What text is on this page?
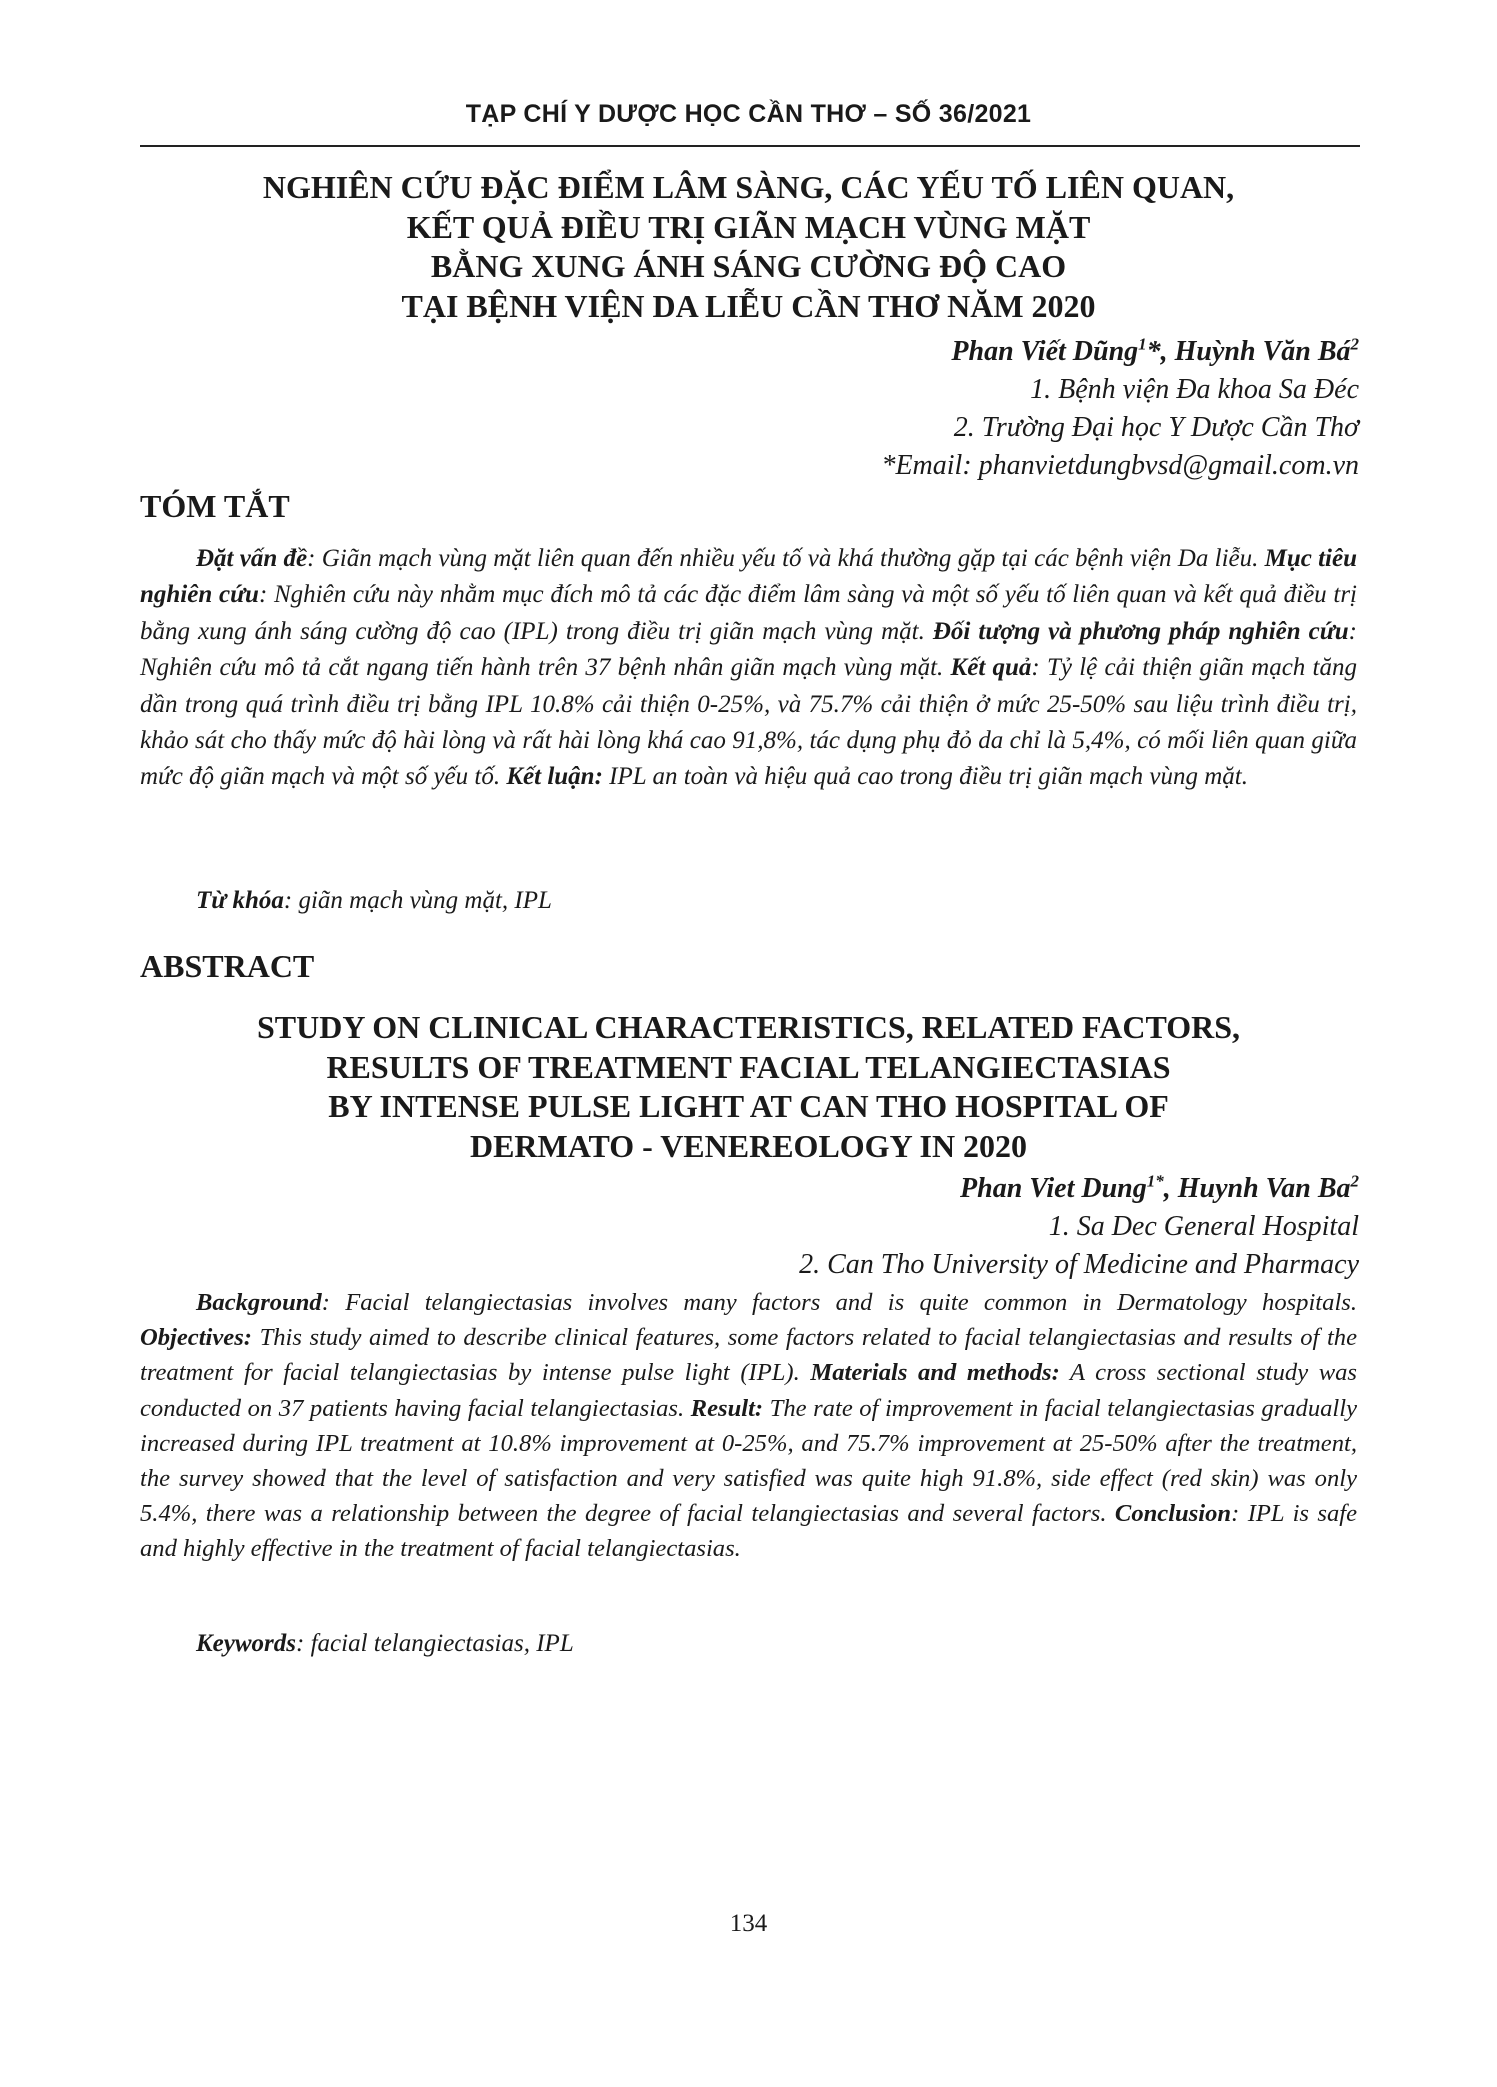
TẠP CHÍ Y DƯỢC HỌC CẦN THƠ – SỐ 36/2021
NGHIÊN CỨU ĐẶC ĐIỂM LÂM SÀNG, CÁC YẾU TỐ LIÊN QUAN,
KẾT QUẢ ĐIỀU TRỊ GIÃN MẠCH VÙNG MẶT
BẰNG XUNG ÁNH SÁNG CƯỜNG ĐỘ CAO
TẠI BỆNH VIỆN DA LIỄU CẦN THƠ NĂM 2020
Phan Viết Dũng$^1$*, Huỳnh Văn $Bá^2$
1. Bệnh viện Đa khoa Sa Đéc
2. Trường Đại học Y Dược Cần Thơ
*Email: phanvietdungbvsd@gmail.com.vn
TÓM TẮT

Đặt vấn đề: Giãn mạch vùng mặt liên quan đến nhiều yếu tố và khá thường gặp tại các bệnh viện Da liễu. Mục tiêu nghiên cứu: Nghiên cứu này nhằm mục đích mô tả các đặc điểm lâm sàng và một số yếu tố liên quan và kết quả điều trị bằng xung ánh sáng cường độ cao (IPL) trong điều trị giãn mạch vùng mặt. Đối tượng và phương pháp nghiên cứu: Nghiên cứu mô tả cắt ngang tiến hành trên 37 bệnh nhân giãn mạch vùng mặt. Kết quả: Tỷ lệ cải thiện giãn mạch tăng dần trong quá trình điều trị bằng IPL 10.8% cải thiện 0-25%, và 75.7% cải thiện ở mức 25-50% sau liệu trình điều trị, khảo sát cho thấy mức độ hài lòng và rất hài lòng khá cao 91,8%, tác dụng phụ đỏ da chỉ là 5,4%, có mối liên quan giữa mức độ giãn mạch và một số yếu tố. Kết luận: IPL an toàn và hiệu quả cao trong điều trị giãn mạch vùng mặt.

Từ khóa: giãn mạch vùng mặt, IPL
ABSTRACT
STUDY ON CLINICAL CHARACTERISTICS, RELATED FACTORS,
RESULTS OF TREATMENT FACIAL TELANGIECTASIAS
BY INTENSE PULSE LIGHT AT CAN THO HOSPITAL OF
DERMATO - VENEREOLOGY IN 2020
Phan Viet Dung$^{1*}$, Huynh Van Ba$^2$
1. Sa Dec General Hospital
2. Can Tho University of Medicine and Pharmacy

Background: Facial telangiectasias involves many factors and is quite common in Dermatology hospitals. Objectives: This study aimed to describe clinical features, some factors related to facial telangiectasias and results of the treatment for facial telangiectasias by intense pulse light (IPL). Materials and methods: A cross sectional study was conducted on 37 patients having facial telangiectasias. Result: The rate of improvement in facial telangiectasias gradually increased during IPL treatment at 10.8% improvement at 0-25%, and 75.7% improvement at 25-50% after the treatment, the survey showed that the level of satisfaction and very satisfied was quite high 91.8%, side effect (red skin) was only 5.4%, there was a relationship between the degree of facial telangiectasias and several factors. Conclusion: IPL is safe and highly effective in the treatment of facial telangiectasias.

Keywords: facial telangiectasias, IPL
134
